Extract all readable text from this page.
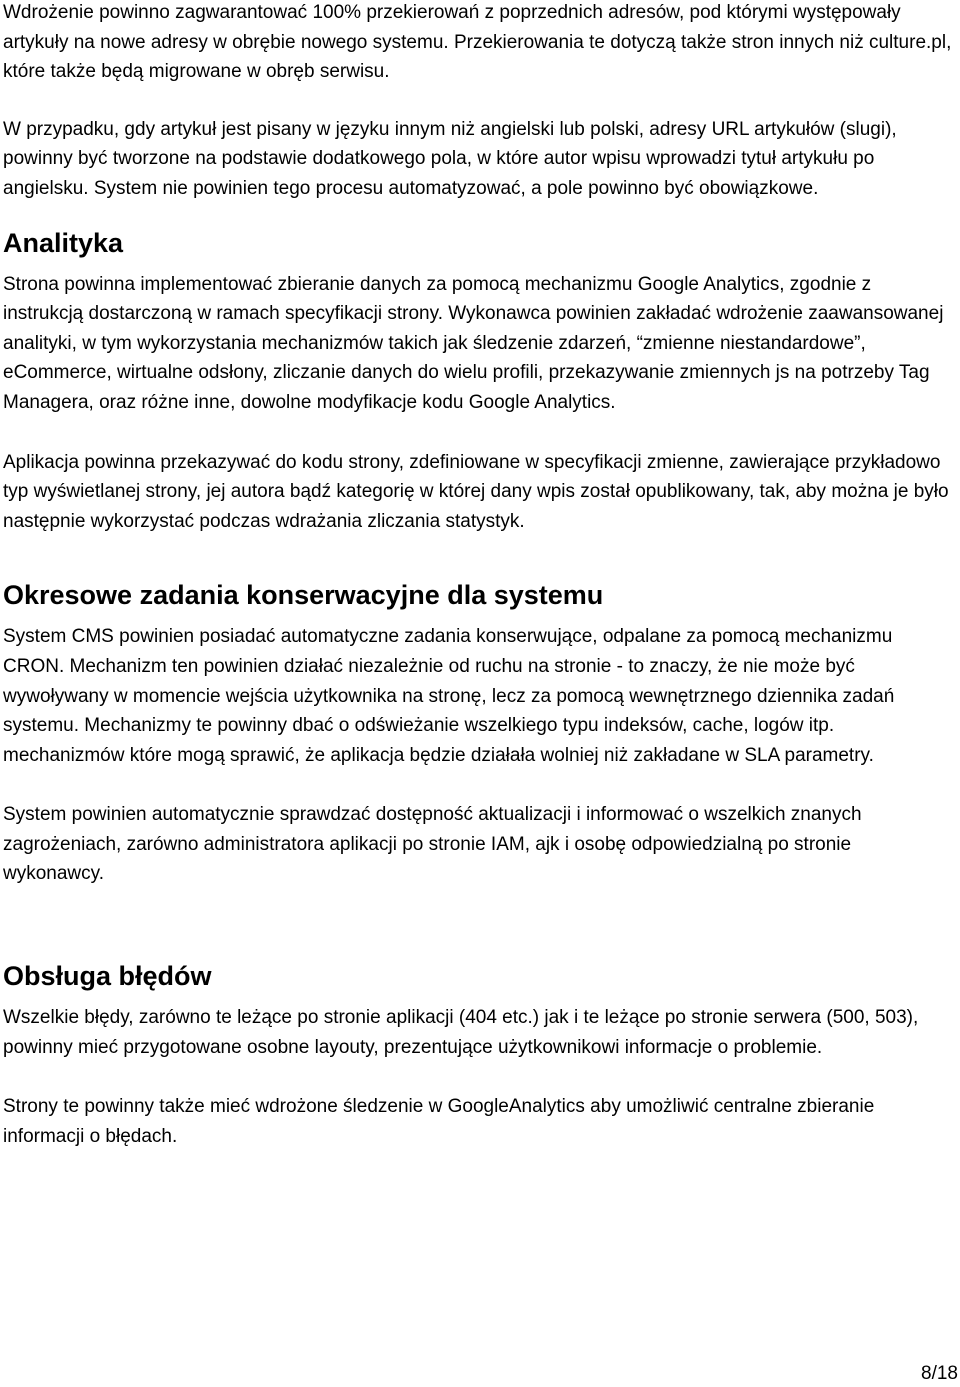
Wdrożenie powinno zagwarantować 100% przekierowań z poprzednich adresów, pod którymi występowały artykuły na nowe adresy w obrębie nowego systemu. Przekierowania te dotyczą także stron innych niż culture.pl, które także będą migrowane w obręb serwisu.

W przypadku, gdy artykuł jest pisany w języku innym niż angielski lub polski, adresy URL artykułów (slugi), powinny być tworzone na podstawie dodatkowego pola, w które autor wpisu wprowadzi tytuł artykułu po angielsku. System nie powinien tego procesu automatyzować, a pole powinno być obowiązkowe.

Analityka

Strona powinna implementować zbieranie danych za pomocą mechanizmu Google Analytics, zgodnie z instrukcją dostarczoną w ramach specyfikacji strony. Wykonawca powinien zakładać wdrożenie zaawansowanej analityki, w tym wykorzystania mechanizmów takich jak śledzenie zdarzeń, “zmienne niestandardowe”, eCommerce, wirtualne odsłony, zliczanie danych do wielu profili, przekazywanie zmiennych js na potrzeby Tag Managera, oraz różne inne, dowolne modyfikacje kodu Google Analytics.

Aplikacja powinna przekazywać do kodu strony, zdefiniowane w specyfikacji zmienne, zawierające przykładowo typ wyświetlanej strony, jej autora bądź kategorię w której dany wpis został opublikowany, tak, aby można je było następnie wykorzystać podczas wdrażania zliczania statystyk.

Okresowe zadania konserwacyjne dla systemu

System CMS powinien posiadać automatyczne zadania konserwujące, odpalane za pomocą mechanizmu CRON. Mechanizm ten powinien działać niezależnie od ruchu na stronie - to znaczy, że nie może być wywoływany w momencie wejścia użytkownika na stronę, lecz za pomocą wewnętrznego dziennika zadań systemu. Mechanizmy te powinny dbać o odświeżanie wszelkiego typu indeksów, cache, logów itp. mechanizmów które mogą sprawić, że aplikacja będzie działała wolniej niż zakładane w SLA parametry.

System powinien automatycznie sprawdzać dostępność aktualizacji i informować o wszelkich znanych zagrożeniach, zarówno administratora aplikacji po stronie IAM, ajk i osobę odpowiedzialną po stronie wykonawcy.

Obsługa błędów

Wszelkie błędy, zarówno te leżące po stronie aplikacji (404 etc.) jak i te leżące po stronie serwera (500, 503), powinny mieć przygotowane osobne layouty, prezentujące użytkownikowi informacje o problemie.

Strony te powinny także mieć wdrożone śledzenie w GoogleAnalytics aby umożliwić centralne zbieranie informacji o błędach.

8/18
